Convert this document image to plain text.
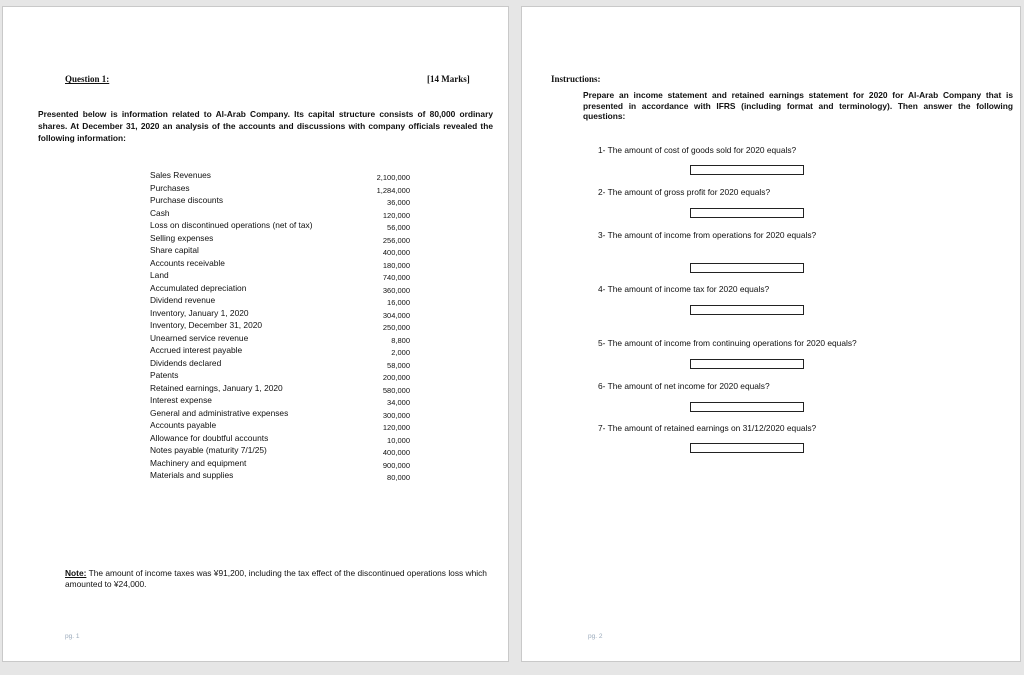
Question 1:	[14 Marks]
Presented below is information related to Al-Arab Company. Its capital structure consists of 80,000 ordinary shares. At December 31, 2020 an analysis of the accounts and discussions with company officials revealed the following information:
Sales Revenues	2,100,000
Purchases	1,284,000
Purchase discounts	36,000
Cash	120,000
Loss on discontinued operations (net of tax)	56,000
Selling expenses	256,000
Share capital	400,000
Accounts receivable	180,000
Land	740,000
Accumulated depreciation	360,000
Dividend revenue	16,000
Inventory, January 1, 2020	304,000
Inventory, December 31, 2020	250,000
Unearned service revenue	8,800
Accrued interest payable	2,000
Dividends declared	58,000
Patents	200,000
Retained earnings, January 1, 2020	580,000
Interest expense	34,000
General and administrative expenses	300,000
Accounts payable	120,000
Allowance for doubtful accounts	10,000
Notes payable (maturity 7/1/25)	400,000
Machinery and equipment	900,000
Materials and supplies	80,000
Note: The amount of income taxes was ¥91,200, including the tax effect of the discontinued operations loss which amounted to ¥24,000.
pg. 1
Instructions:
Prepare an income statement and retained earnings statement for 2020 for Al-Arab Company that is presented in accordance with IFRS (including format and terminology). Then answer the following questions:
1- The amount of cost of goods sold for 2020 equals?
2- The amount of gross profit for 2020 equals?
3- The amount of income from operations for 2020 equals?
4- The amount of income tax for 2020 equals?
5- The amount of income from continuing operations for 2020 equals?
6- The amount of net income for 2020 equals?
7- The amount of retained earnings on 31/12/2020 equals?
pg. 2
